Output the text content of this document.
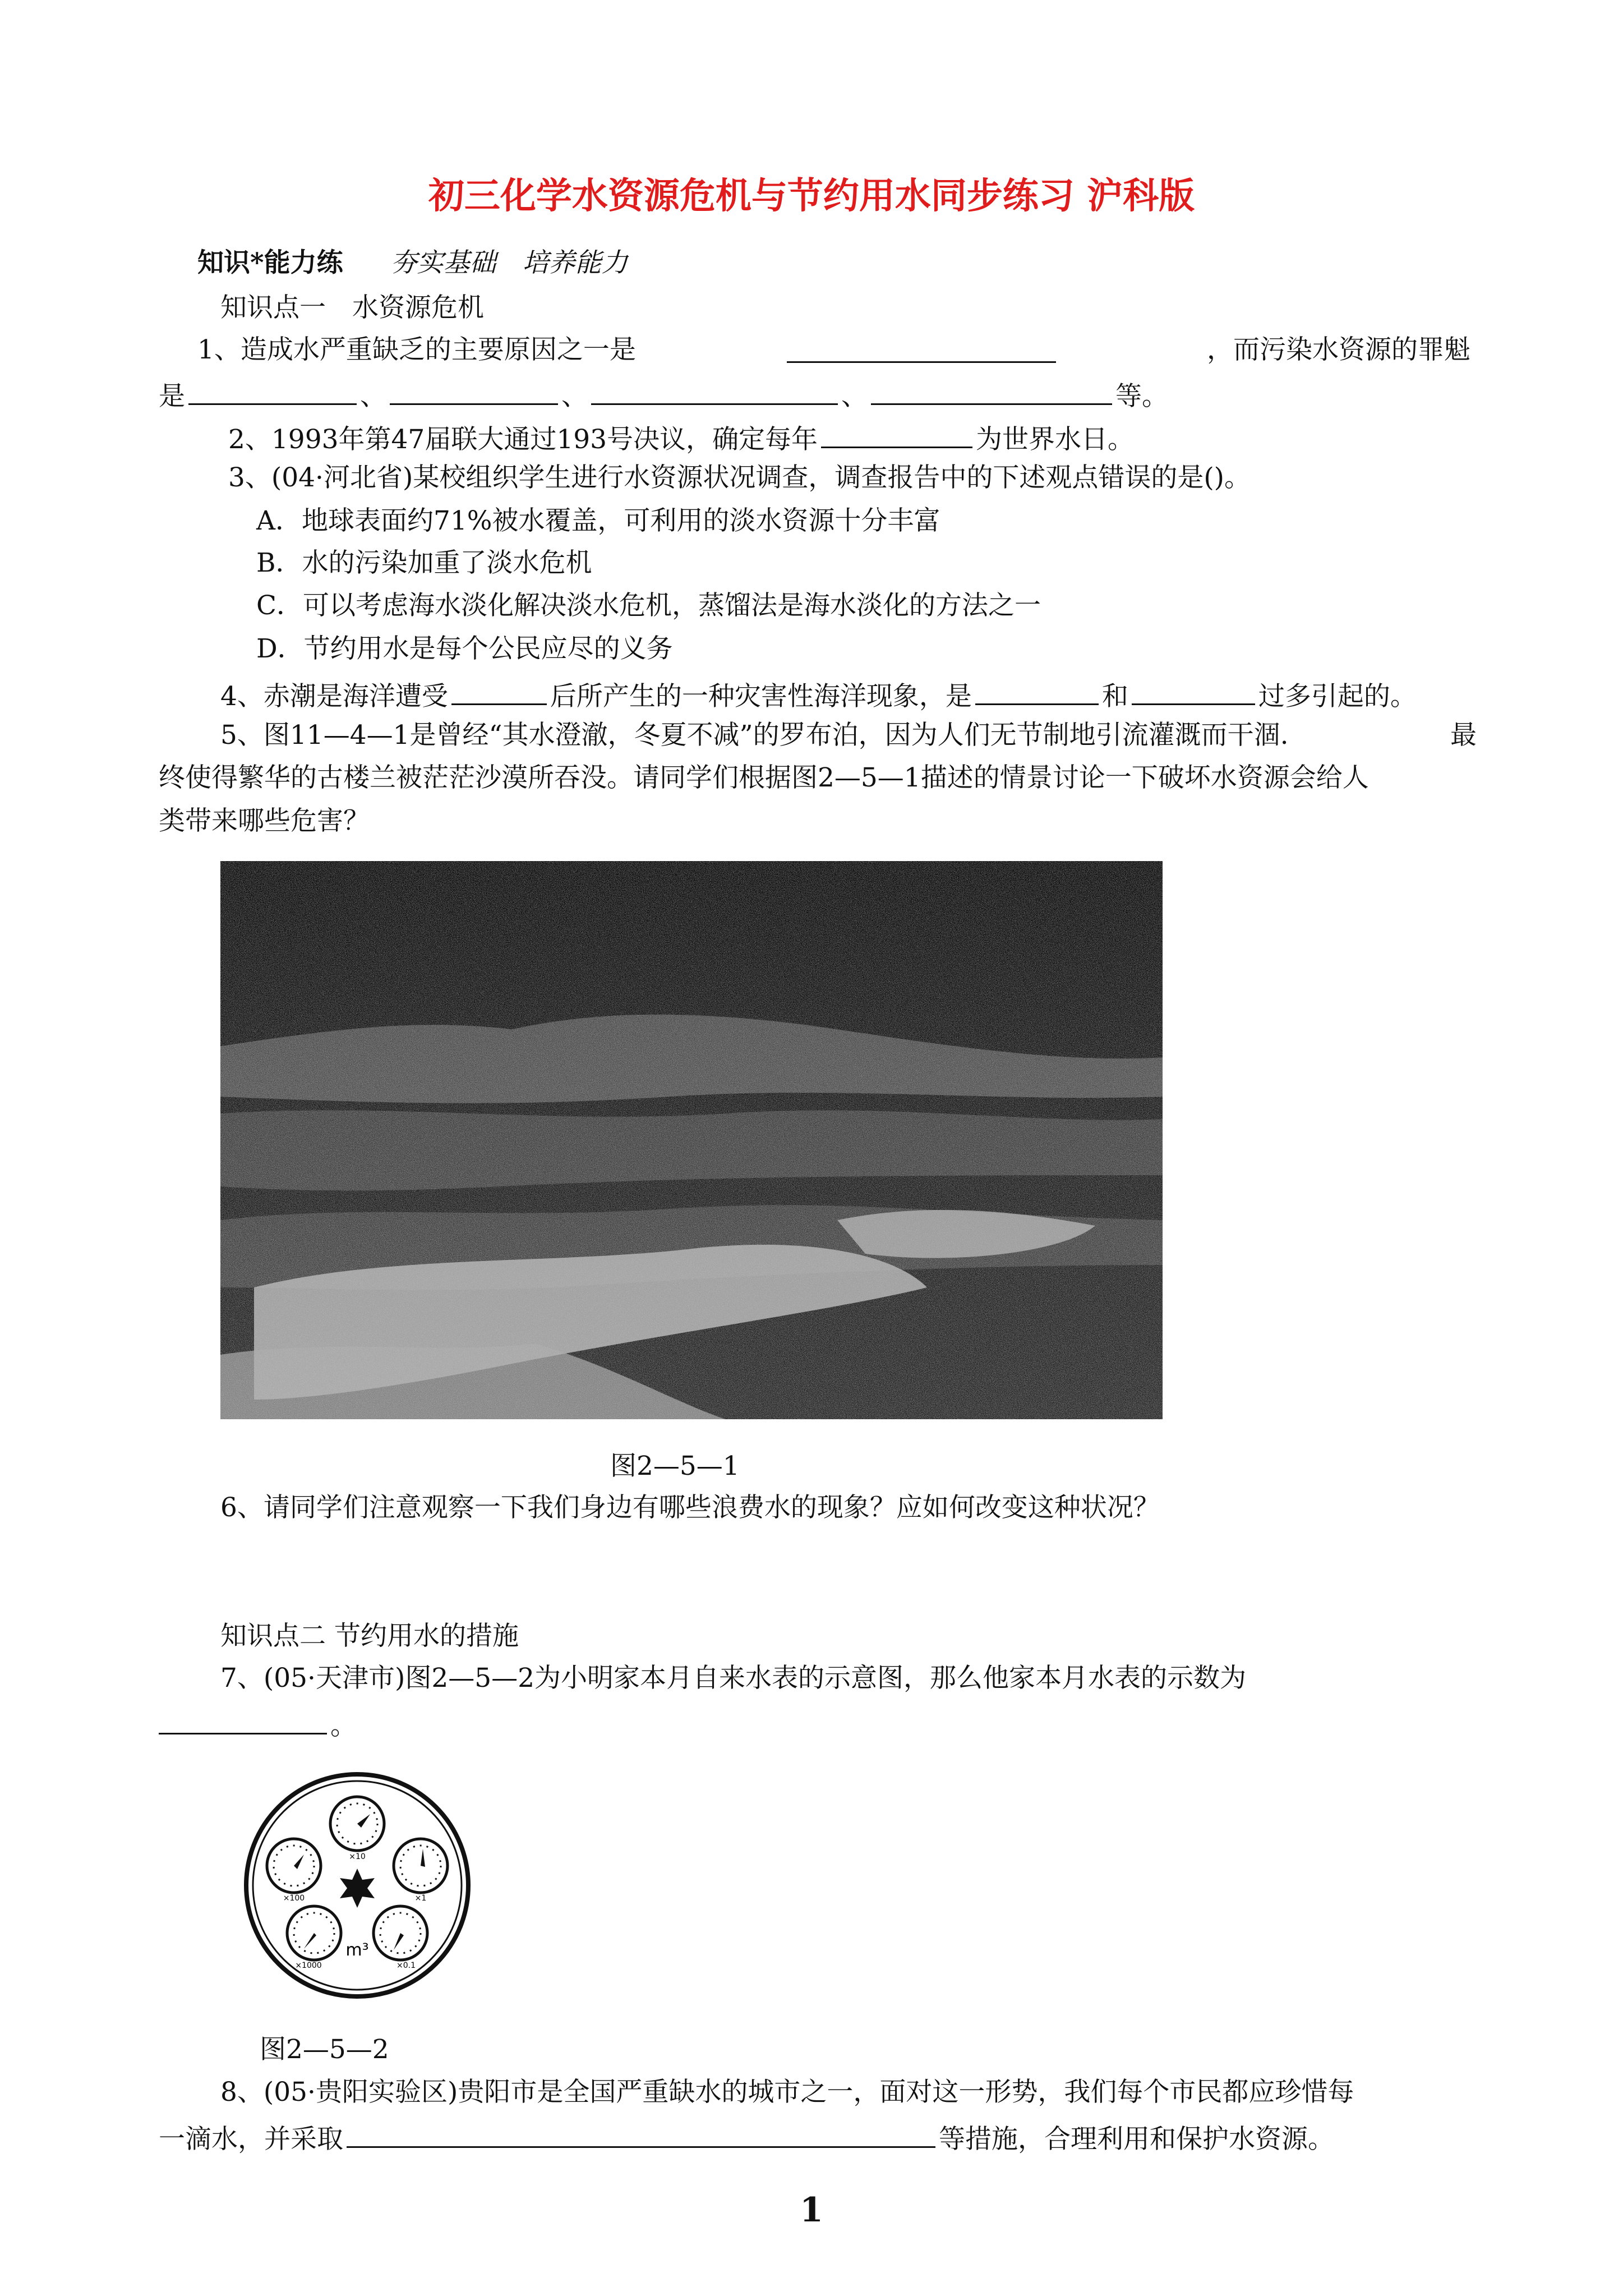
初三化学水资源危机与节约用水同步练习 沪科版
知识*能力练 夯实基础　培养能力
知识点一　水资源危机
1、造成水严重缺乏的主要原因之一是	，而污染水资源的罪魁
是	、	、	、	等。
2、1993年第47届联大通过193号决议，确定每年	为世界水日。
3、(04·河北省)某校组织学生进行水资源状况调查，调查报告中的下述观点错误的是()。
A．地球表面约71%被水覆盖，可利用的淡水资源十分丰富
B．水的污染加重了淡水危机
C．可以考虑海水淡化解决淡水危机，蒸馏法是海水淡化的方法之一
D．节约用水是每个公民应尽的义务
4、赤潮是海洋遭受	后所产生的一种灾害性海洋现象，是	和	过多引起的。
5、图11—4—1是曾经“其水澄澈，冬夏不减”的罗布泊，因为人们无节制地引流灌溉而干涸.	最
终使得繁华的古楼兰被茫茫沙漠所吞没。请同学们根据图2—5—1描述的情景讨论一下破坏水资源会给人
类带来哪些危害？
图2—5—1
6、请同学们注意观察一下我们身边有哪些浪费水的现象？应如何改变这种状况？
知识点二 节约用水的措施
7、(05·天津市)图2—5—2为小明家本月自来水表的示意图，那么他家本月水表的示数为
。
×10
×1
×0.1
×1000
×100
m³
图2—5—2
8、(05·贵阳实验区)贵阳市是全国严重缺水的城市之一，面对这一形势，我们每个市民都应珍惜每
一滴水，并采取	等措施，合理利用和保护水资源。
1
